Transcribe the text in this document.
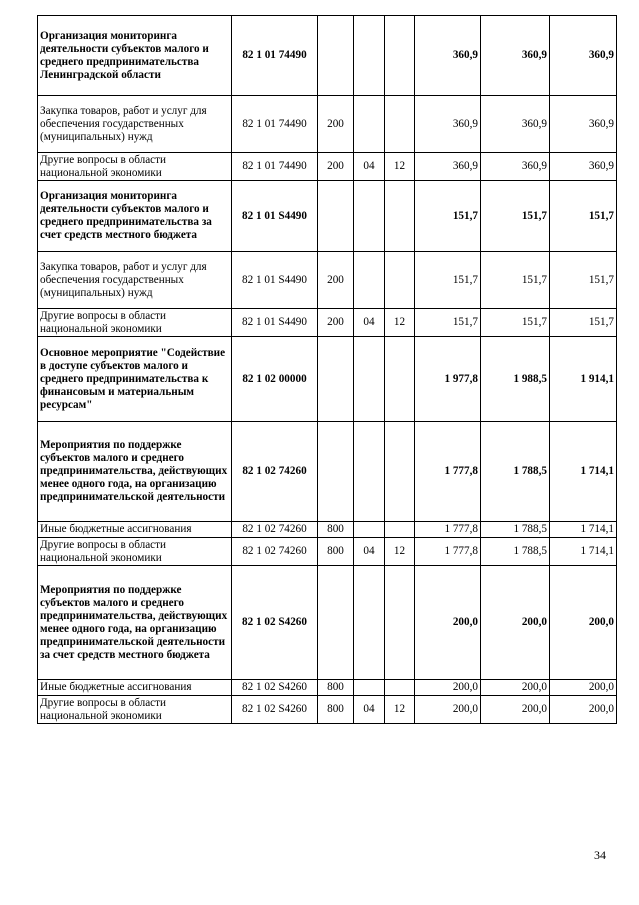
Организация мониторинга деятельности субъектов малого и среднего предпринимательства Ленинградской области	82 1 01 74490				360,9	360,9	360,9
Закупка товаров, работ и услуг для обеспечения государственных (муниципальных) нужд	82 1 01 74490	200			360,9	360,9	360,9
Другие вопросы в области национальной экономики	82 1 01 74490	200	04	12	360,9	360,9	360,9
Организация мониторинга деятельности субъектов малого и среднего предпринимательства за счет средств местного бюджета	82 1 01 S4490				151,7	151,7	151,7
Закупка товаров, работ и услуг для обеспечения государственных (муниципальных) нужд	82 1 01 S4490	200			151,7	151,7	151,7
Другие вопросы в области национальной экономики	82 1 01 S4490	200	04	12	151,7	151,7	151,7
Основное мероприятие "Содействие в доступе субъектов малого и среднего предпринимательства к финансовым и материальным ресурсам"	82 1 02 00000				1 977,8	1 988,5	1 914,1
Мероприятия по поддержке субъектов малого и среднего предпринимательства, действующих менее одного года, на организацию предпринимательской деятельности	82 1 02 74260				1 777,8	1 788,5	1 714,1
Иные бюджетные ассигнования	82 1 02 74260	800			1 777,8	1 788,5	1 714,1
Другие вопросы в области национальной экономики	82 1 02 74260	800	04	12	1 777,8	1 788,5	1 714,1
Мероприятия по поддержке субъектов малого и среднего предпринимательства, действующих менее одного года, на организацию предпринимательской деятельности за счет средств местного бюджета	82 1 02 S4260				200,0	200,0	200,0
Иные бюджетные ассигнования	82 1 02 S4260	800			200,0	200,0	200,0
Другие вопросы в области национальной экономики	82 1 02 S4260	800	04	12	200,0	200,0	200,0
34
